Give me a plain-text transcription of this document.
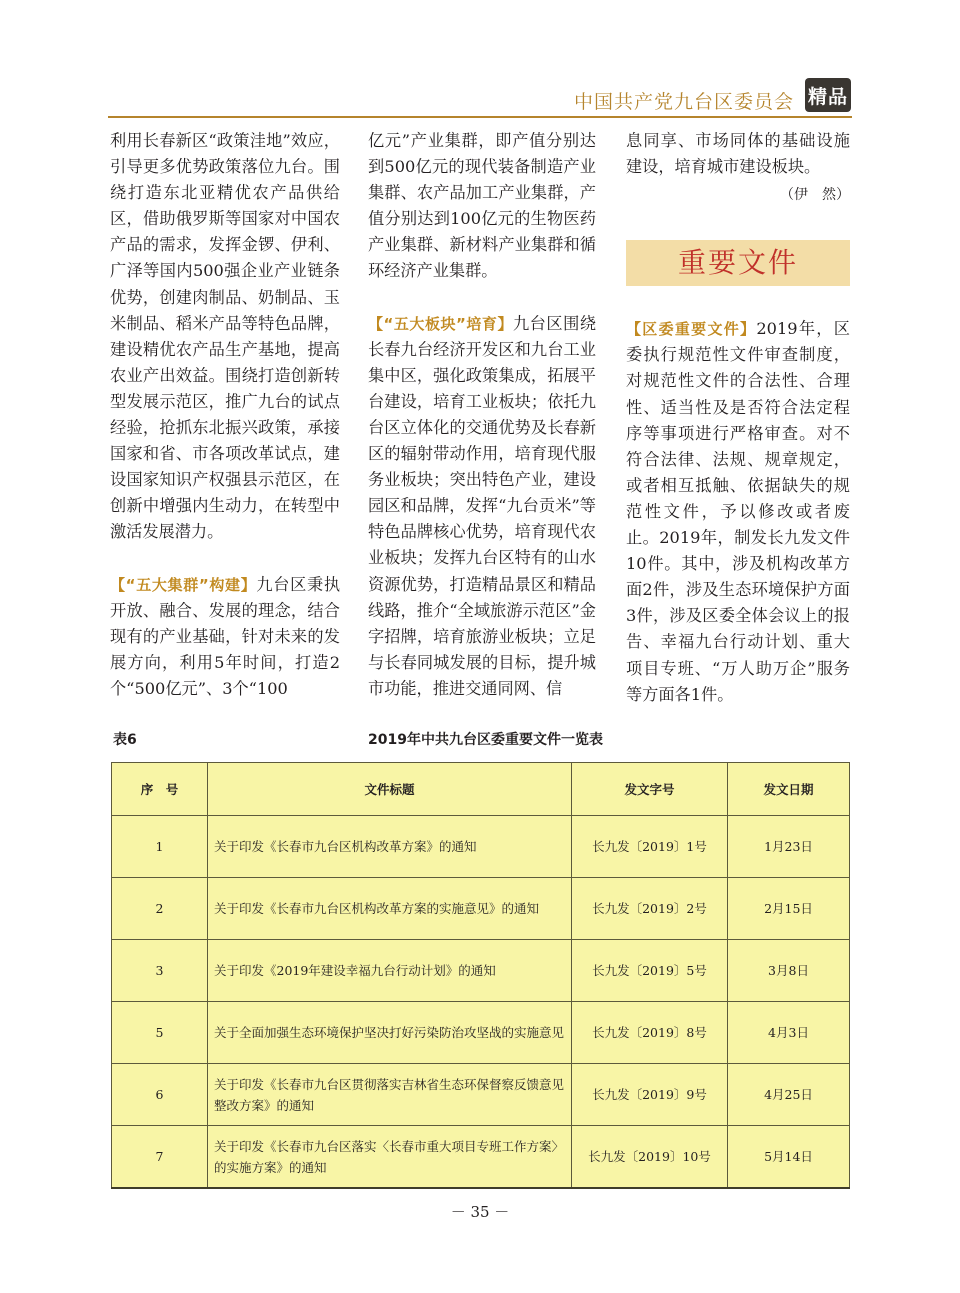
中国共产党九台区委员会 精品

利用长春新区“政策洼地”效应，引导更多优势政策落位九台。围绕打造东北亚精优农产品供给区，借助俄罗斯等国家对中国农产品的需求，发挥金锣、伊利、广泽等国内500强企业产业链条优势，创建肉制品、奶制品、玉米制品、稻米产品等特色品牌，建设精优农产品生产基地，提高农业产出效益。围绕打造创新转型发展示范区，推广九台的试点经验，抢抓东北振兴政策，承接国家和省、市各项改革试点，建设国家知识产权强县示范区，在创新中增强内生动力，在转型中激活发展潜力。

【“五大集群”构建】九台区秉执开放、融合、发展的理念，结合现有的产业基础，针对未来的发展方向，利用5年时间，打造2个“500亿元”、3个“100

亿元”产业集群，即产值分别达到500亿元的现代装备制造产业集群、农产品加工产业集群，产值分别达到100亿元的生物医药产业集群、新材料产业集群和循环经济产业集群。

【“五大板块”培育】九台区围绕长春九台经济开发区和九台工业集中区，强化政策集成，拓展平台建设，培育工业板块；依托九台区立体化的交通优势及长春新区的辐射带动作用，培育现代服务业板块；突出特色产业，建设园区和品牌，发挥“九台贡米”等特色品牌核心优势，培育现代农业板块；发挥九台区特有的山水资源优势，打造精品景区和精品线路，推介“全域旅游示范区”金字招牌，培育旅游业板块；立足与长春同城发展的目标，提升城市功能，推进交通同网、信

息同享、市场同体的基础设施建设，培育城市建设板块。

（伊　然）
重要文件

【区委重要文件】2019年，区委执行规范性文件审查制度，对规范性文件的合法性、合理性、适当性及是否符合法定程序等事项进行严格审查。对不符合法律、法规、规章规定，或者相互抵触、依据缺失的规范性文件，予以修改或者废止。2019年，制发长九发文件10件。其中，涉及机构改革方面2件，涉及生态环境保护方面3件，涉及区委全体会议上的报告、幸福九台行动计划、重大项目专班、“万人助万企”服务等方面各1件。

表6	2019年中共九台区委重要文件一览表
序　号	文件标题	发文字号	发文日期
1	关于印发《长春市九台区机构改革方案》的通知	长九发〔2019〕1号	1月23日
2	关于印发《长春市九台区机构改革方案的实施意见》的通知	长九发〔2019〕2号	2月15日
3	关于印发《2019年建设幸福九台行动计划》的通知	长九发〔2019〕5号	3月8日
5	关于全面加强生态环境保护坚决打好污染防治攻坚战的实施意见	长九发〔2019〕8号	4月3日
6	关于印发《长春市九台区贯彻落实吉林省生态环保督察反馈意见整改方案》的通知	长九发〔2019〕9号	4月25日
7	关于印发《长春市九台区落实〈长春市重大项目专班工作方案〉的实施方案》的通知	长九发〔2019〕10号	5月14日
－ 35 －
